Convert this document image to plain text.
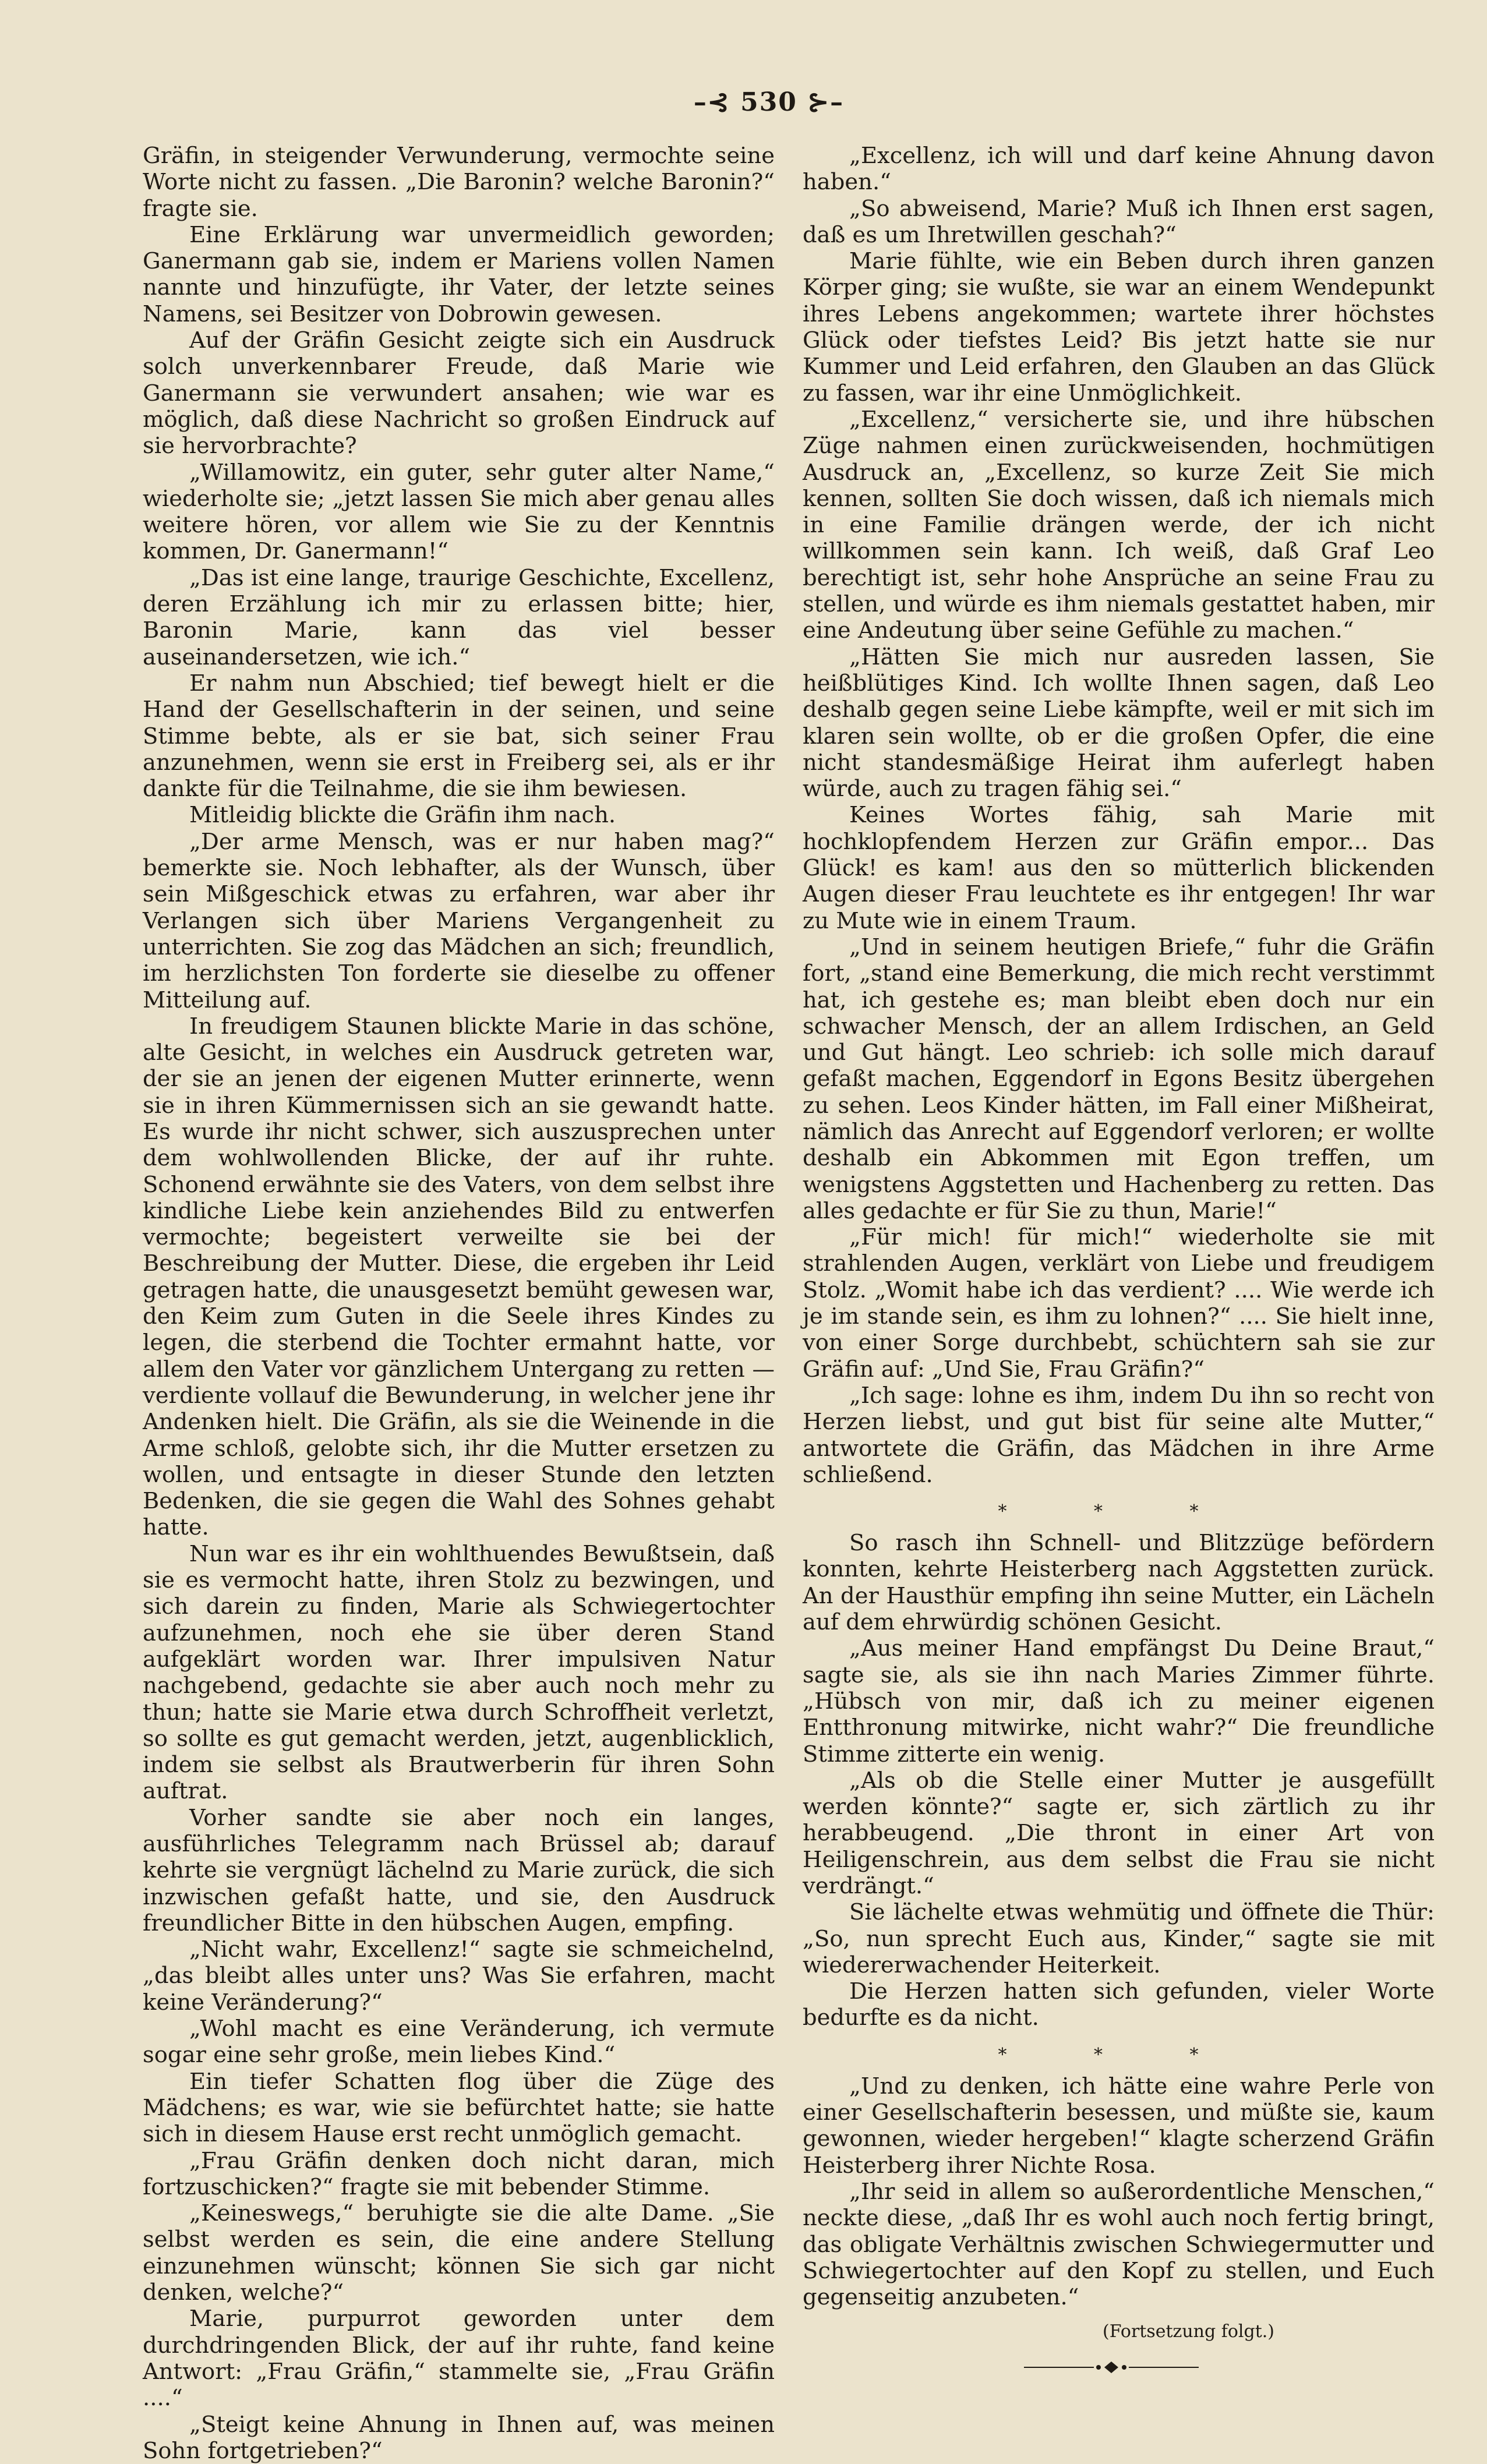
–⊰ 530 ⊱–

Gräfin, in steigender Verwunderung, vermochte seine Worte nicht zu fassen. „Die Baronin? welche Baronin?“ fragte sie.

Eine Erklärung war unvermeidlich geworden; Ganermann gab sie, indem er Mariens vollen Namen nannte und hinzufügte, ihr Vater, der letzte seines Namens, sei Besitzer von Dobrowin gewesen.

Auf der Gräfin Gesicht zeigte sich ein Ausdruck solch unverkennbarer Freude, daß Marie wie Ganermann sie verwundert ansahen; wie war es möglich, daß diese Nachricht so großen Eindruck auf sie hervorbrachte?

„Willamowitz, ein guter, sehr guter alter Name,“ wiederholte sie; „jetzt lassen Sie mich aber genau alles weitere hören, vor allem wie Sie zu der Kenntnis kommen, Dr. Ganermann!“

„Das ist eine lange, traurige Geschichte, Excellenz, deren Erzählung ich mir zu erlassen bitte; hier, Baronin Marie, kann das viel besser auseinandersetzen, wie ich.“

Er nahm nun Abschied; tief bewegt hielt er die Hand der Gesellschafterin in der seinen, und seine Stimme bebte, als er sie bat, sich seiner Frau anzunehmen, wenn sie erst in Freiberg sei, als er ihr dankte für die Teilnahme, die sie ihm bewiesen.

Mitleidig blickte die Gräfin ihm nach.

„Der arme Mensch, was er nur haben mag?“ bemerkte sie. Noch lebhafter, als der Wunsch, über sein Mißgeschick etwas zu erfahren, war aber ihr Verlangen sich über Mariens Vergangenheit zu unterrichten. Sie zog das Mädchen an sich; freundlich, im herzlichsten Ton forderte sie dieselbe zu offener Mitteilung auf.

In freudigem Staunen blickte Marie in das schöne, alte Gesicht, in welches ein Ausdruck getreten war, der sie an jenen der eigenen Mutter erinnerte, wenn sie in ihren Kümmernissen sich an sie gewandt hatte. Es wurde ihr nicht schwer, sich auszusprechen unter dem wohlwollenden Blicke, der auf ihr ruhte. Schonend erwähnte sie des Vaters, von dem selbst ihre kindliche Liebe kein anziehendes Bild zu entwerfen vermochte; begeistert verweilte sie bei der Beschreibung der Mutter. Diese, die ergeben ihr Leid getragen hatte, die unausgesetzt bemüht gewesen war, den Keim zum Guten in die Seele ihres Kindes zu legen, die sterbend die Tochter ermahnt hatte, vor allem den Vater vor gänzlichem Untergang zu retten — verdiente vollauf die Bewunderung, in welcher jene ihr Andenken hielt. Die Gräfin, als sie die Weinende in die Arme schloß, gelobte sich, ihr die Mutter ersetzen zu wollen, und entsagte in dieser Stunde den letzten Bedenken, die sie gegen die Wahl des Sohnes gehabt hatte.

Nun war es ihr ein wohlthuendes Bewußtsein, daß sie es vermocht hatte, ihren Stolz zu bezwingen, und sich darein zu finden, Marie als Schwiegertochter aufzunehmen, noch ehe sie über deren Stand aufgeklärt worden war. Ihrer impulsiven Natur nachgebend, gedachte sie aber auch noch mehr zu thun; hatte sie Marie etwa durch Schroffheit verletzt, so sollte es gut gemacht werden, jetzt, augenblicklich, indem sie selbst als Brautwerberin für ihren Sohn auftrat.

Vorher sandte sie aber noch ein langes, ausführliches Telegramm nach Brüssel ab; darauf kehrte sie vergnügt lächelnd zu Marie zurück, die sich inzwischen gefaßt hatte, und sie, den Ausdruck freundlicher Bitte in den hübschen Augen, empfing.

„Nicht wahr, Excellenz!“ sagte sie schmeichelnd, „das bleibt alles unter uns? Was Sie erfahren, macht keine Veränderung?“

„Wohl macht es eine Veränderung, ich vermute sogar eine sehr große, mein liebes Kind.“

Ein tiefer Schatten flog über die Züge des Mädchens; es war, wie sie befürchtet hatte; sie hatte sich in diesem Hause erst recht unmöglich gemacht.

„Frau Gräfin denken doch nicht daran, mich fortzuschicken?“ fragte sie mit bebender Stimme.

„Keineswegs,“ beruhigte sie die alte Dame. „Sie selbst werden es sein, die eine andere Stellung einzunehmen wünscht; können Sie sich gar nicht denken, welche?“

Marie, purpurrot geworden unter dem durchdringenden Blick, der auf ihr ruhte, fand keine Antwort: „Frau Gräfin,“ stammelte sie, „Frau Gräfin ....“

„Steigt keine Ahnung in Ihnen auf, was meinen Sohn fortgetrieben?“

„Excellenz, ich will und darf keine Ahnung davon haben.“

„So abweisend, Marie? Muß ich Ihnen erst sagen, daß es um Ihretwillen geschah?“

Marie fühlte, wie ein Beben durch ihren ganzen Körper ging; sie wußte, sie war an einem Wendepunkt ihres Lebens angekommen; wartete ihrer höchstes Glück oder tiefstes Leid? Bis jetzt hatte sie nur Kummer und Leid erfahren, den Glauben an das Glück zu fassen, war ihr eine Unmöglichkeit.

„Excellenz,“ versicherte sie, und ihre hübschen Züge nahmen einen zurückweisenden, hochmütigen Ausdruck an, „Excellenz, so kurze Zeit Sie mich kennen, sollten Sie doch wissen, daß ich niemals mich in eine Familie drängen werde, der ich nicht willkommen sein kann. Ich weiß, daß Graf Leo berechtigt ist, sehr hohe Ansprüche an seine Frau zu stellen, und würde es ihm niemals gestattet haben, mir eine Andeutung über seine Gefühle zu machen.“

„Hätten Sie mich nur ausreden lassen, Sie heißblütiges Kind. Ich wollte Ihnen sagen, daß Leo deshalb gegen seine Liebe kämpfte, weil er mit sich im klaren sein wollte, ob er die großen Opfer, die eine nicht standesmäßige Heirat ihm auferlegt haben würde, auch zu tragen fähig sei.“

Keines Wortes fähig, sah Marie mit hochklopfendem Herzen zur Gräfin empor... Das Glück! es kam! aus den so mütterlich blickenden Augen dieser Frau leuchtete es ihr entgegen! Ihr war zu Mute wie in einem Traum.

„Und in seinem heutigen Briefe,“ fuhr die Gräfin fort, „stand eine Bemerkung, die mich recht verstimmt hat, ich gestehe es; man bleibt eben doch nur ein schwacher Mensch, der an allem Irdischen, an Geld und Gut hängt. Leo schrieb: ich solle mich darauf gefaßt machen, Eggendorf in Egons Besitz übergehen zu sehen. Leos Kinder hätten, im Fall einer Mißheirat, nämlich das Anrecht auf Eggendorf verloren; er wollte deshalb ein Abkommen mit Egon treffen, um wenigstens Aggstetten und Hachenberg zu retten. Das alles gedachte er für Sie zu thun, Marie!“

„Für mich! für mich!“ wiederholte sie mit strahlenden Augen, verklärt von Liebe und freudigem Stolz. „Womit habe ich das verdient? .... Wie werde ich je im stande sein, es ihm zu lohnen?“ .... Sie hielt inne, von einer Sorge durchbebt, schüchtern sah sie zur Gräfin auf: „Und Sie, Frau Gräfin?“

„Ich sage: lohne es ihm, indem Du ihn so recht von Herzen liebst, und gut bist für seine alte Mutter,“ antwortete die Gräfin, das Mädchen in ihre Arme schließend.

* * *

So rasch ihn Schnell- und Blitzzüge befördern konnten, kehrte Heisterberg nach Aggstetten zurück. An der Hausthür empfing ihn seine Mutter, ein Lächeln auf dem ehrwürdig schönen Gesicht.

„Aus meiner Hand empfängst Du Deine Braut,“ sagte sie, als sie ihn nach Maries Zimmer führte. „Hübsch von mir, daß ich zu meiner eigenen Entthronung mitwirke, nicht wahr?“ Die freundliche Stimme zitterte ein wenig.

„Als ob die Stelle einer Mutter je ausgefüllt werden könnte?“ sagte er, sich zärtlich zu ihr herabbeugend. „Die thront in einer Art von Heiligenschrein, aus dem selbst die Frau sie nicht verdrängt.“

Sie lächelte etwas wehmütig und öffnete die Thür: „So, nun sprecht Euch aus, Kinder,“ sagte sie mit wiedererwachender Heiterkeit.

Die Herzen hatten sich gefunden, vieler Worte bedurfte es da nicht.

* * *

„Und zu denken, ich hätte eine wahre Perle von einer Gesellschafterin besessen, und müßte sie, kaum gewonnen, wieder hergeben!“ klagte scherzend Gräfin Heisterberg ihrer Nichte Rosa.

„Ihr seid in allem so außerordentliche Menschen,“ neckte diese, „daß Ihr es wohl auch noch fertig bringt, das obligate Verhältnis zwischen Schwiegermutter und Schwiegertochter auf den Kopf zu stellen, und Euch gegenseitig anzubeten.“

(Fortsetzung folgt.)
